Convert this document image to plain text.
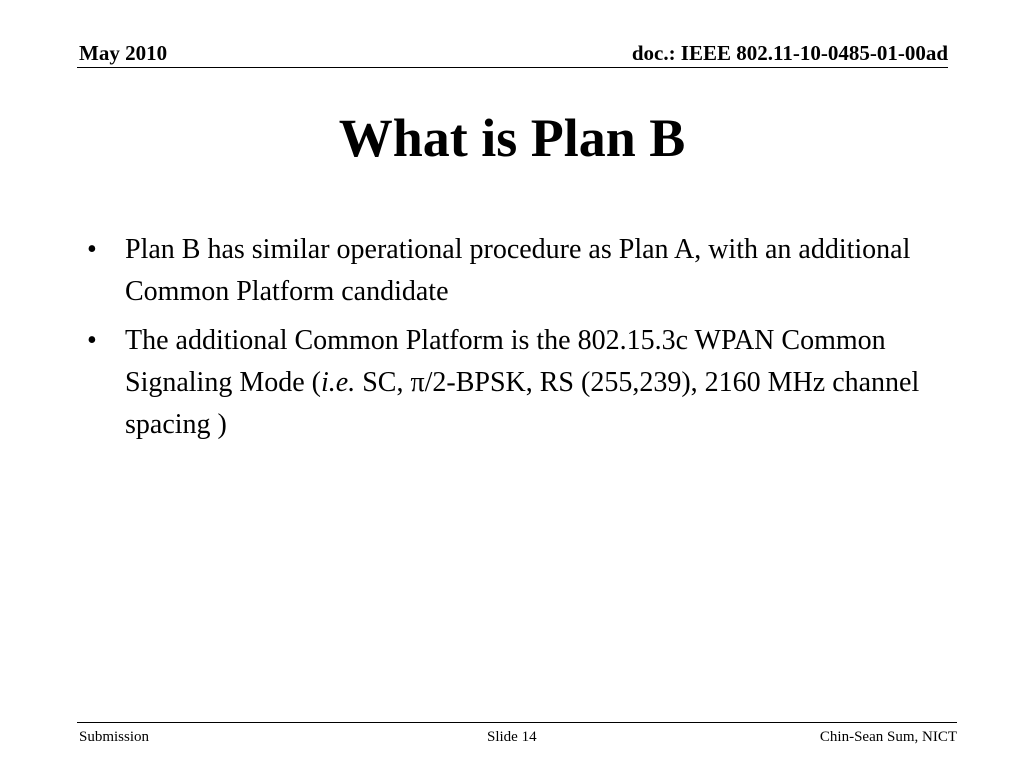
May 2010	doc.: IEEE 802.11-10-0485-01-00ad
What is Plan B
• Plan B has similar operational procedure as Plan A, with an additional Common Platform candidate
• The additional Common Platform is the 802.15.3c WPAN Common Signaling Mode (i.e. SC, π/2-BPSK, RS (255,239), 2160 MHz channel spacing )
Submission	Slide 14	Chin-Sean Sum, NICT
